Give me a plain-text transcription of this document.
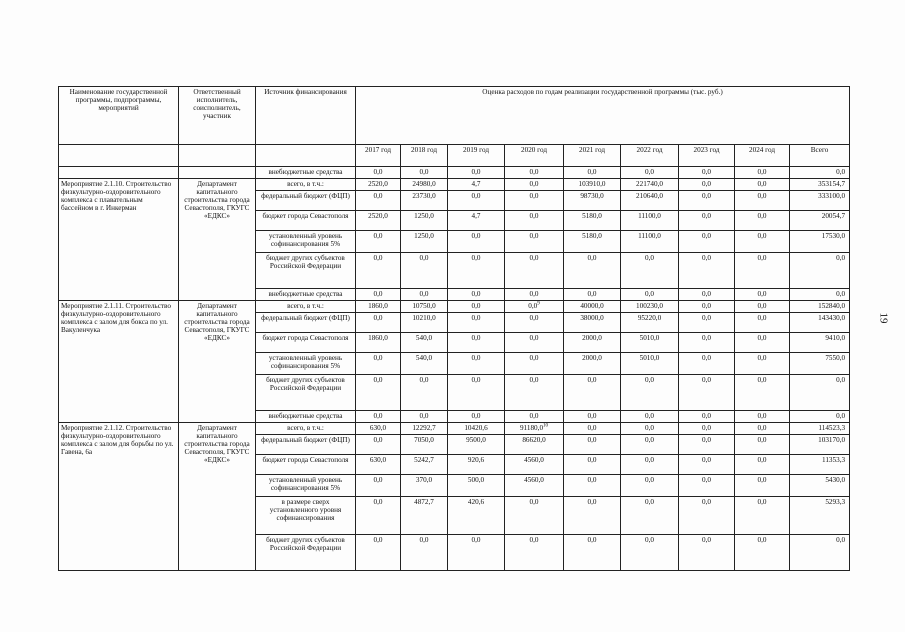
Наименование государственной программы, подпрограммы, мероприятий	Ответственный исполнитель, соисполнитель, участник	Источник финансирования	Оценка расходов по годам реализации государственной программы (тыс. руб.)								
			2017 год	2018 год	2019 год	2020 год	2021 год	2022 год	2023 год	2024 год	Всего
		внебюджетные средства	0,0	0,0	0,0	0,0	0,0	0,0	0,0	0,0	0,0
Мероприятие 2.1.10. Строительство физкультурно-оздоровительного комплекса с плавательным бассейном в г. Инкерман	Департамент капитального строительства города Севастополя, ГКУГС «ЕДКС»	всего, в т.ч.:	2520,0	24980,0	4,7	0,0	103910,0	221740,0	0,0	0,0	353154,7
		федеральный бюджет (ФЦП)	0,0	23730,0	0,0	0,0	98730,0	210640,0	0,0	0,0	333100,0
		бюджет города Севастополя	2520,0	1250,0	4,7	0,0	5180,0	11100,0	0,0	0,0	20054,7
		установленный уровень софинансирования 5%	0,0	1250,0	0,0	0,0	5180,0	11100,0	0,0	0,0	17530,0
		бюджет других субъектов Российской Федерации	0,0	0,0	0,0	0,0	0,0	0,0	0,0	0,0	0,0
		внебюджетные средства	0,0	0,0	0,0	0,0	0,0	0,0	0,0	0,0	0,0
Мероприятие 2.1.11. Строительство физкультурно-оздоровительного комплекса с залом для бокса по ул. Вакуленчука	Департамент капитального строительства города Севастополя, ГКУГС «ЕДКС»	всего, в т.ч.:	1860,0	10750,0	0,0	$0,0^9$	40000,0	100230,0	0,0	0,0	152840,0
		федеральный бюджет (ФЦП)	0,0	10210,0	0,0	0,0	38000,0	95220,0	0,0	0,0	143430,0
		бюджет города Севастополя	1860,0	540,0	0,0	0,0	2000,0	5010,0	0,0	0,0	9410,0
		установленный уровень софинансирования 5%	0,0	540,0	0,0	0,0	2000,0	5010,0	0,0	0,0	7550,0
		бюджет других субъектов Российской Федерации	0,0	0,0	0,0	0,0	0,0	0,0	0,0	0,0	0,0
		внебюджетные средства	0,0	0,0	0,0	0,0	0,0	0,0	0,0	0,0	0,0
Мероприятие 2.1.12. Строительство физкультурно-оздоровительного комплекса с залом для борьбы по ул. Гавена, 6а	Департамент капитального строительства города Севастополя, ГКУГС «ЕДКС»	всего, в т.ч.:	630,0	12292,7	10420,6	91180,0$^{10}$	0,0	0,0	0,0	0,0	114523,3
		федеральный бюджет (ФЦП)	0,0	7050,0	9500,0	86620,0	0,0	0,0	0,0	0,0	103170,0
		бюджет города Севастополя	630,0	5242,7	920,6	4560,0	0,0	0,0	0,0	0,0	11353,3
		установленный уровень софинансирования 5%	0,0	370,0	500,0	4560,0	0,0	0,0	0,0	0,0	5430,0
		в размере сверх установленного уровня софинансирования	0,0	4872,7	420,6	0,0	0,0	0,0	0,0	0,0	5293,3
		бюджет других субъектов Российской Федерации	0,0	0,0	0,0	0,0	0,0	0,0	0,0	0,0	0,0
19
